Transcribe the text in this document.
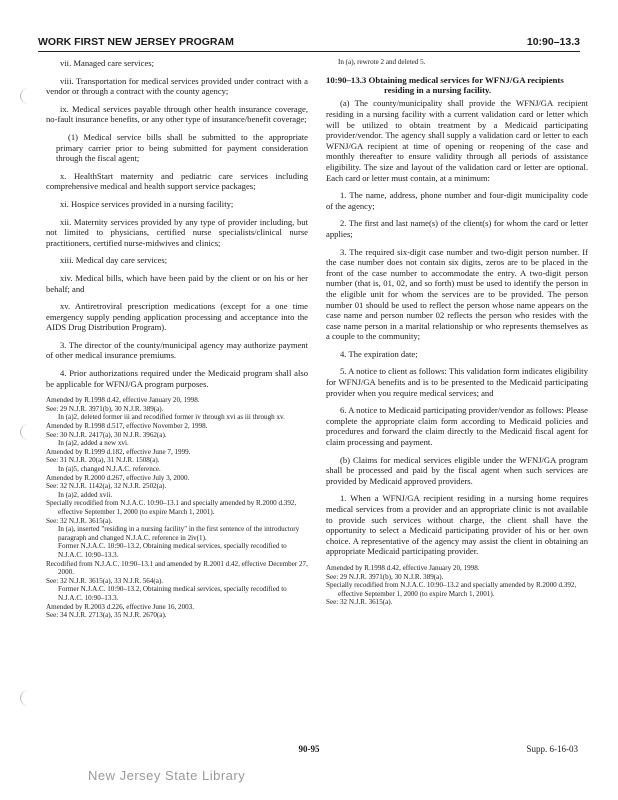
WORK FIRST NEW JERSEY PROGRAM	10:90–13.3

vii. Managed care services;

viii. Transportation for medical services provided under contract with a vendor or through a contract with the county agency;

ix. Medical services payable through other health insurance coverage, no-fault insurance benefits, or any other type of insurance/benefit coverage;

(1) Medical service bills shall be submitted to the appropriate primary carrier prior to being submitted for payment consideration through the fiscal agent;

x. HealthStart maternity and pediatric care services including comprehensive medical and health support service packages;

xi. Hospice services provided in a nursing facility;

xii. Maternity services provided by any type of provider including, but not limited to physicians, certified nurse specialists/clinical nurse practitioners, certified nurse-midwives and clinics;

xiii. Medical day care services;

xiv. Medical bills, which have been paid by the client or on his or her behalf; and

xv. Antiretroviral prescription medications (except for a one time emergency supply pending application processing and acceptance into the AIDS Drug Distribution Program).

3. The director of the county/municipal agency may authorize payment of other medical insurance premiums.

4. Prior authorizations required under the Medicaid program shall also be applicable for WFNJ/GA program purposes.

Amended by R.1998 d.42, effective January 20, 1998.

See: 29 N.J.R. 3971(b), 30 N.J.R. 389(a).

In (a)2, deleted former iii and recodified former iv through xvi as iii through xv.

Amended by R.1998 d.517, effective November 2, 1998.

See: 30 N.J.R. 2417(a), 30 N.J.R. 3962(a).

In (a)2, added a new xvi.

Amended by R.1999 d.182, effective June 7, 1999.

See: 31 N.J.R. 20(a), 31 N.J.R. 1508(a).

In (a)5, changed N.J.A.C. reference.

Amended by R.2000 d.267, effective July 3, 2000.

See: 32 N.J.R. 1142(a), 32 N.J.R. 2502(a).

In (a)2, added xvii.

Specially recodified from N.J.A.C. 10:90–13.1 and specially amended by R.2000 d.392, effective September 1, 2000 (to expire March 1, 2001).

See: 32 N.J.R. 3615(a).

In (a), inserted "residing in a nursing facility" in the first sentence of the introductory paragraph and changed N.J.A.C. reference in 2iv(1).

Former N.J.A.C. 10:90–13.2, Obtaining medical services, specially recodified to N.J.A.C. 10:90–13.3.

Recodified from N.J.A.C. 10:90–13.1 and amended by R.2001 d.42, effective December 27, 2000.

See: 32 N.J.R. 3615(a), 33 N.J.R. 564(a).

Former N.J.A.C. 10:90–13.2, Obtaining medical services, specially recodified to N.J.A.C. 10:90–13.3.

Amended by R.2003 d.226, effective June 16, 2003.

See: 34 N.J.R. 2713(a), 35 N.J.R. 2670(a).

In (a), rewrote 2 and deleted 5.

10:90–13.3 Obtaining medical services for WFNJ/GA recipients residing in a nursing facility.

(a) The county/municipality shall provide the WFNJ/GA recipient residing in a nursing facility with a current validation card or letter which will be utilized to obtain treatment by a Medicaid participating provider/vendor. The agency shall supply a validation card or letter to each WFNJ/GA recipient at time of opening or reopening of the case and monthly thereafter to ensure validity through all periods of assistance eligibility. The size and layout of the validation card or letter are optional. Each card or letter must contain, at a minimum:

1. The name, address, phone number and four-digit municipality code of the agency;

2. The first and last name(s) of the client(s) for whom the card or letter applies;

3. The required six-digit case number and two-digit person number. If the case number does not contain six digits, zeros are to be placed in the front of the case number to accommodate the entry. A two-digit person number (that is, 01, 02, and so forth) must be used to identify the person in the eligible unit for whom the services are to be provided. The person number 01 should be used to reflect the person whose name appears on the case name and person number 02 reflects the person who resides with the case name person in a marital relationship or who represents themselves as a couple to the community;

4. The expiration date;

5. A notice to client as follows: This validation form indicates eligibility for WFNJ/GA benefits and is to be presented to the Medicaid participating provider when you require medical services; and

6. A notice to Medicaid participating provider/vendor as follows: Please complete the appropriate claim form according to Medicaid policies and procedures and forward the claim directly to the Medicaid fiscal agent for claim processing and payment.

(b) Claims for medical services eligible under the WFNJ/GA program shall be processed and paid by the fiscal agent when such services are provided by Medicaid approved providers.

1. When a WFNJ/GA recipient residing in a nursing home requires medical services from a provider and an appropriate clinic is not available to provide such services without charge, the client shall have the opportunity to select a Medicaid participating provider of his or her own choice. A representative of the agency may assist the client in obtaining an appropriate Medicaid participating provider.

Amended by R.1998 d.42, effective January 20, 1998.

See: 29 N.J.R. 3971(b), 30 N.J.R. 389(a).

Specially recodified from N.J.A.C. 10:90–13.2 and specially amended by R.2000 d.392, effective September 1, 2000 (to expire March 1, 2001).

See: 32 N.J.R. 3615(a).

90-95	Supp. 6-16-03
New Jersey State Library
